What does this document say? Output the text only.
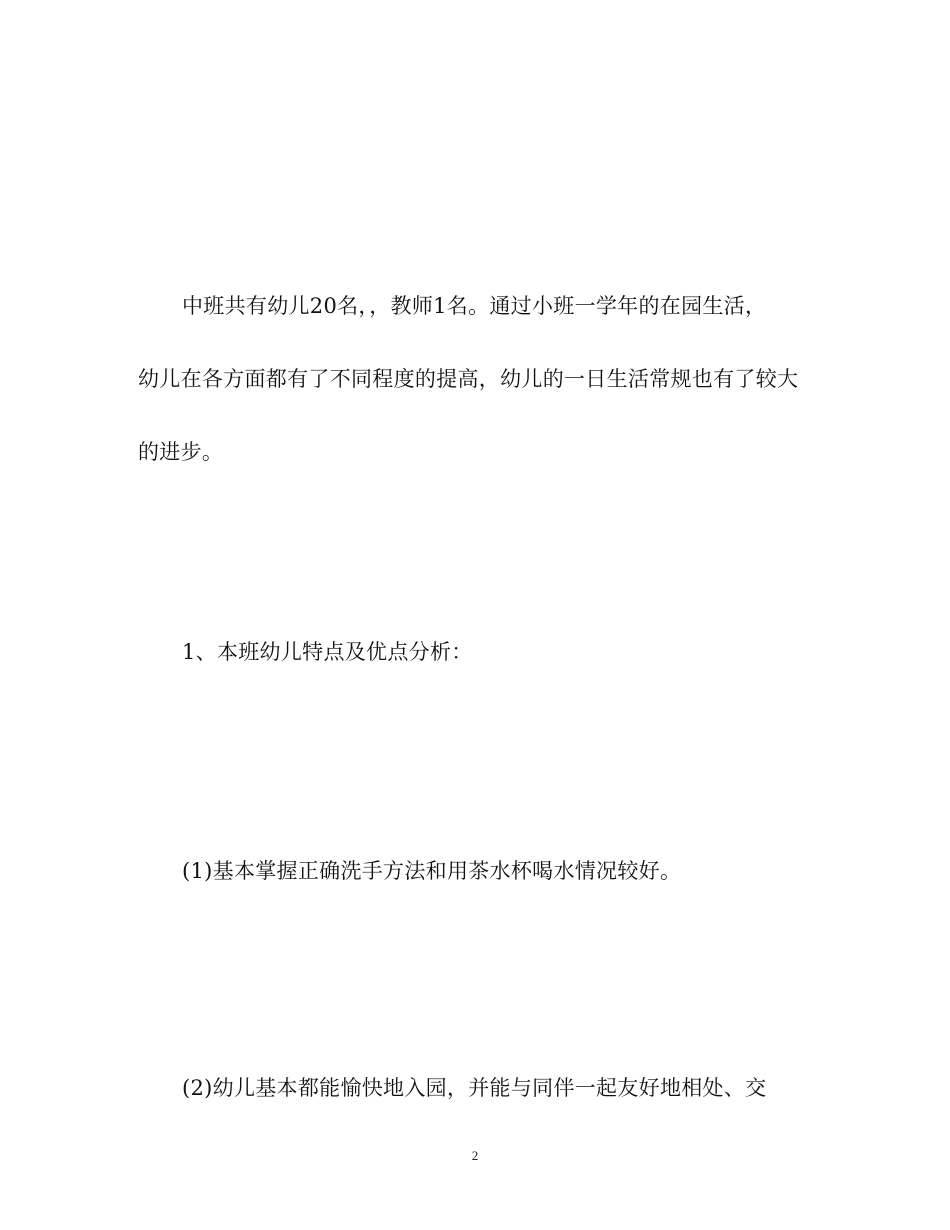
中班共有幼儿20名，，教师1名。通过小班一学年的在园生活，
幼儿在各方面都有了不同程度的提高，幼儿的一日生活常规也有了较大
的进步。
1、本班幼儿特点及优点分析：
(1)基本掌握正确洗手方法和用茶水杯喝水情况较好。
(2)幼儿基本都能愉快地入园，并能与同伴一起友好地相处、交
2
